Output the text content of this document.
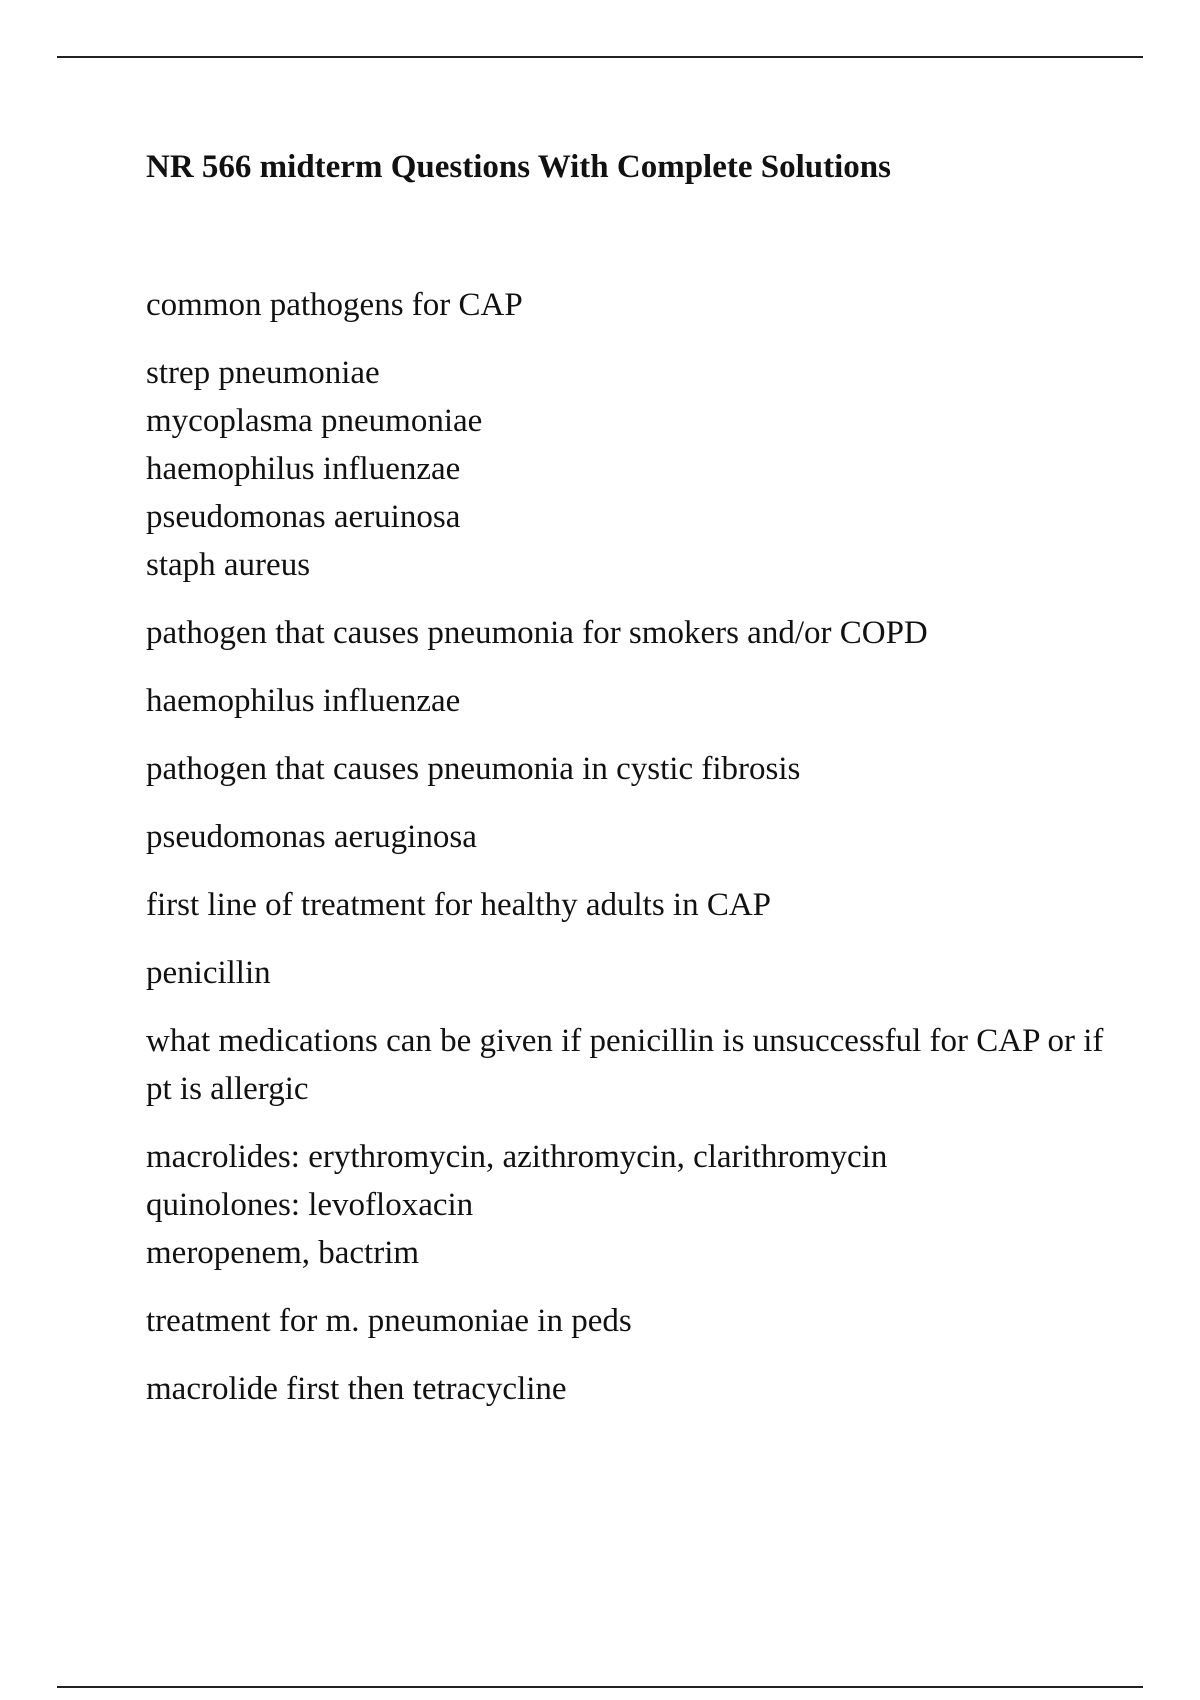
NR 566 midterm Questions With Complete Solutions
common pathogens for CAP
strep pneumoniae
mycoplasma pneumoniae
haemophilus influenzae
pseudomonas aeruinosa
staph aureus
pathogen that causes pneumonia for smokers and/or COPD
haemophilus influenzae
pathogen that causes pneumonia in cystic fibrosis
pseudomonas aeruginosa
first line of treatment for healthy adults in CAP
penicillin
what medications can be given if penicillin is unsuccessful for CAP or if pt is allergic
macrolides: erythromycin, azithromycin, clarithromycin
quinolones: levofloxacin
meropenem, bactrim
treatment for m. pneumoniae in peds
macrolide first then tetracycline
